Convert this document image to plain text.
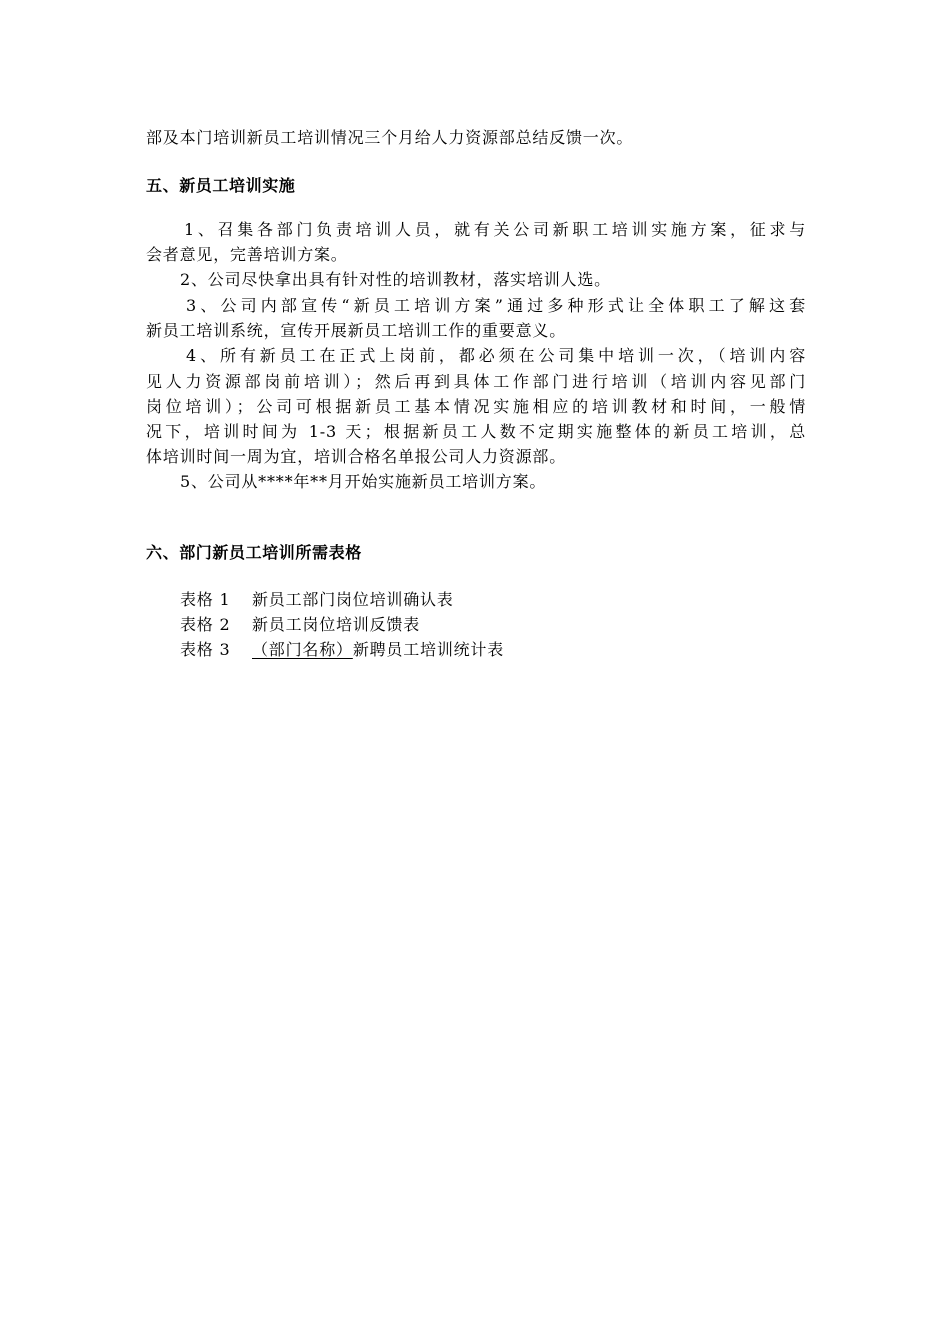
部及本门培训新员工培训情况三个月给人力资源部总结反馈一次。
五、新员工培训实施
1、召集各部门负责培训人员，就有关公司新职工培训实施方案，征求与
会者意见，完善培训方案。
2、公司尽快拿出具有针对性的培训教材，落实培训人选。
3、公司内部宣传“新员工培训方案”通过多种形式让全体职工了解这套
新员工培训系统，宣传开展新员工培训工作的重要意义。
4、所有新员工在正式上岗前，都必须在公司集中培训一次，（培训内容
见人力资源部岗前培训）；然后再到具体工作部门进行培训（培训内容见部门
岗位培训）；公司可根据新员工基本情况实施相应的培训教材和时间，一般情
况下，培训时间为 1-3 天；根据新员工人数不定期实施整体的新员工培训，总
体培训时间一周为宜，培训合格名单报公司人力资源部。
5、公司从****年**月开始实施新员工培训方案。
六、部门新员工培训所需表格
表格 1 新员工部门岗位培训确认表
表格 2 新员工岗位培训反馈表
表格 3 （部门名称）新聘员工培训统计表
